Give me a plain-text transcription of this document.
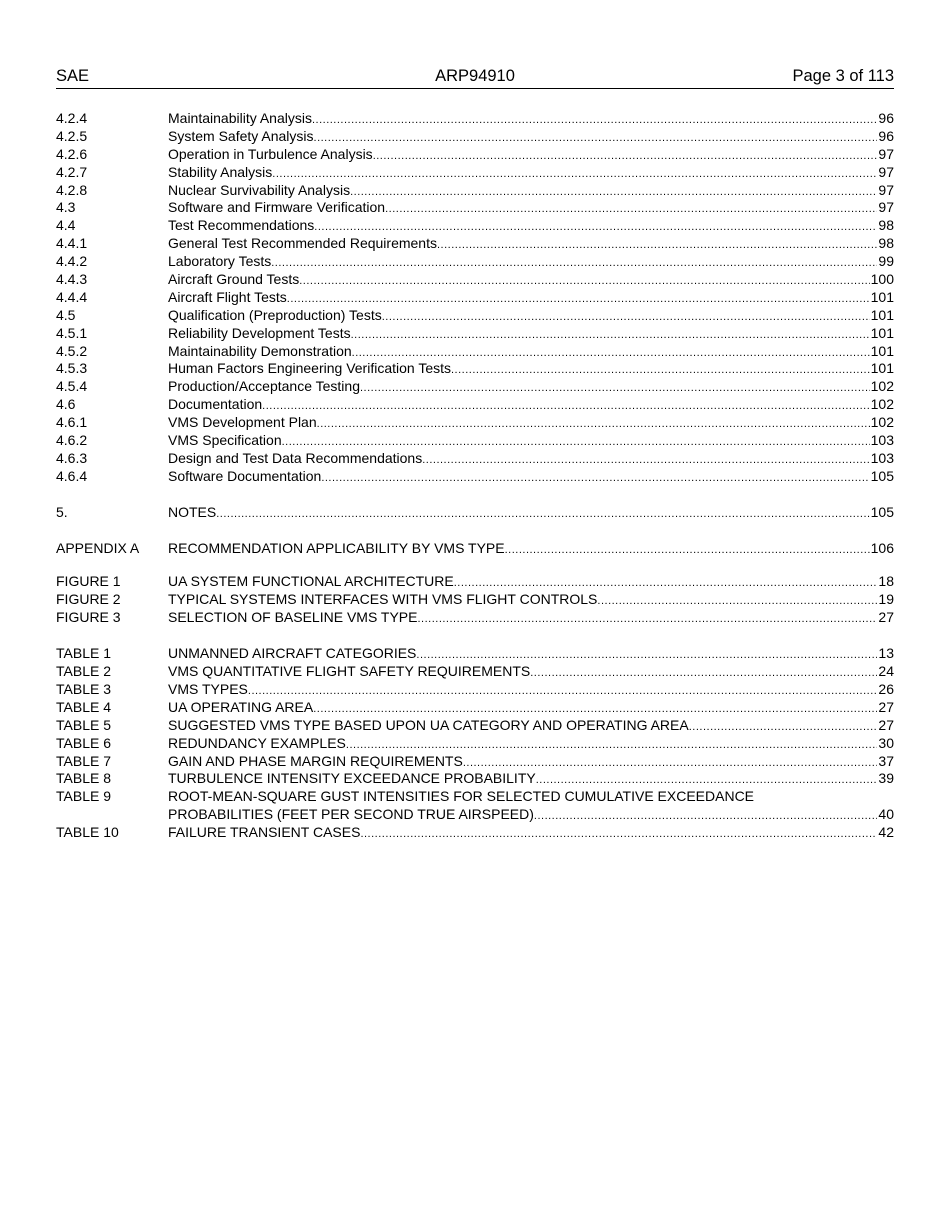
SAE	ARP94910	Page 3 of 113
4.2.4	Maintainability Analysis .....	96
4.2.5	System Safety Analysis .....	96
4.2.6	Operation in Turbulence Analysis .....	97
4.2.7	Stability Analysis .....	97
4.2.8	Nuclear Survivability Analysis .....	97
4.3	Software and Firmware Verification .....	97
4.4	Test Recommendations .....	98
4.4.1	General Test Recommended Requirements .....	98
4.4.2	Laboratory Tests .....	99
4.4.3	Aircraft Ground Tests .....	100
4.4.4	Aircraft Flight Tests .....	101
4.5	Qualification (Preproduction) Tests .....	101
4.5.1	Reliability Development Tests .....	101
4.5.2	Maintainability Demonstration .....	101
4.5.3	Human Factors Engineering Verification Tests .....	101
4.5.4	Production/Acceptance Testing .....	102
4.6	Documentation .....	102
4.6.1	VMS Development Plan .....	102
4.6.2	VMS Specification .....	103
4.6.3	Design and Test Data Recommendations .....	103
4.6.4	Software Documentation .....	105
5.	NOTES .....	105
APPENDIX A RECOMMENDATION APPLICABILITY BY VMS TYPE .....	106
FIGURE 1	UA SYSTEM FUNCTIONAL ARCHITECTURE .....	18
FIGURE 2	TYPICAL SYSTEMS INTERFACES WITH VMS FLIGHT CONTROLS .....	19
FIGURE 3	SELECTION OF BASELINE VMS TYPE .....	27
TABLE 1	UNMANNED AIRCRAFT CATEGORIES .....	13
TABLE 2	VMS QUANTITATIVE FLIGHT SAFETY REQUIREMENTS .....	24
TABLE 3	VMS TYPES .....	26
TABLE 4	UA OPERATING AREA .....	27
TABLE 5	SUGGESTED VMS TYPE BASED UPON UA CATEGORY AND OPERATING AREA .....	27
TABLE 6	REDUNDANCY EXAMPLES .....	30
TABLE 7	GAIN AND PHASE MARGIN REQUIREMENTS .....	37
TABLE 8	TURBULENCE INTENSITY EXCEEDANCE PROBABILITY .....	39
TABLE 9	ROOT-MEAN-SQUARE GUST INTENSITIES FOR SELECTED CUMULATIVE EXCEEDANCE
PROBABILITIES (FEET PER SECOND TRUE AIRSPEED) .....	40
TABLE 10	FAILURE TRANSIENT CASES .....	42
